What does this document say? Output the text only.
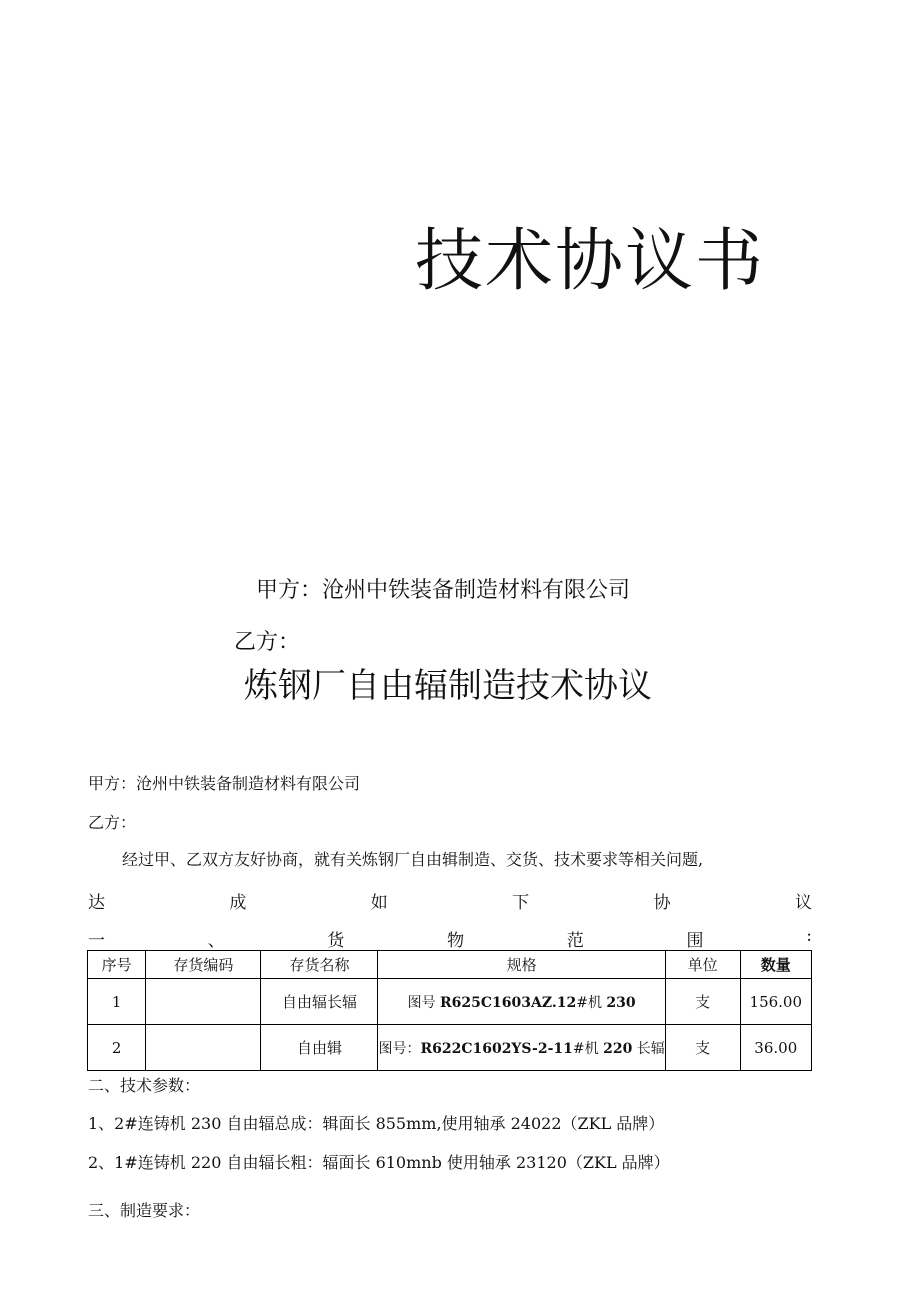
技术协议书
甲方：沧州中铁装备制造材料有限公司
乙方：
炼钢厂自由辐制造技术协议
甲方：沧州中铁装备制造材料有限公司
乙方：
经过甲、乙双方友好协商，就有关炼钢厂自由辑制造、交货、技术要求等相关问题,
达	成	如	下	协	议
一	、	货	物	范	围	:
序号	存货编码	存货名称	规格	单位	数量
1		自由辐长辐	图号 R625C1603AZ.12#机 230	支	156.00
2		自由辑	图号：R622C1602YS-2-11#机 220 长辐	支	36.00
二、技术参数：
1、2#连铸机 230 自由辐总成：辑面长 855mm,使用轴承 24022（ZKL 品牌）
2、1#连铸机 220 自由辐长粗：辐面长 610mnb 使用轴承 23120（ZKL 品牌）
三、制造要求：
